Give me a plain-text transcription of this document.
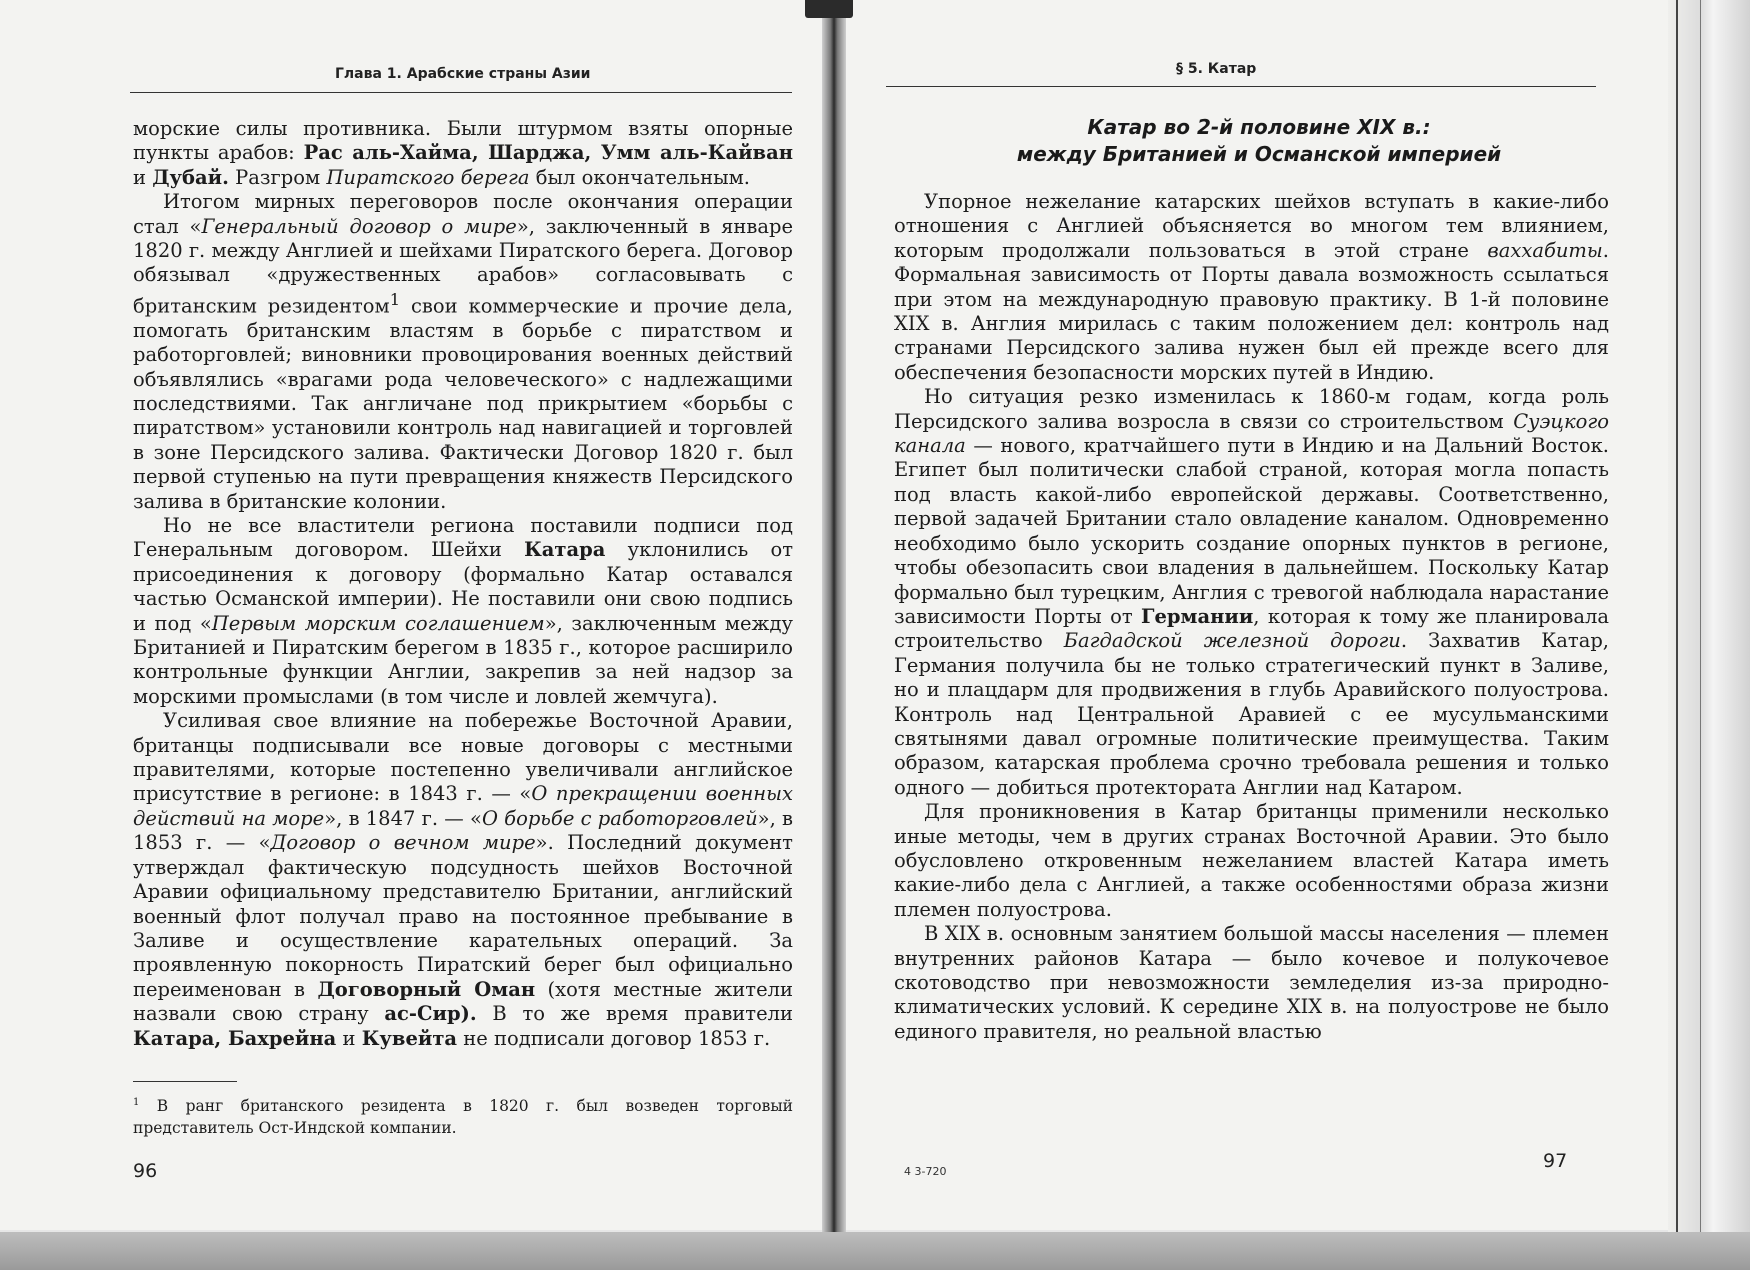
Глава 1. Арабские страны Азии

морские силы противника. Были штурмом взяты опорные пункты арабов: Рас аль-Хайма, Шарджа, Умм аль-Кайван и Дубай. Разгром Пиратского берега был окончательным.

Итогом мирных переговоров после окончания операции стал «Генеральный договор о мире», заключенный в январе 1820 г. между Англией и шейхами Пиратского берега. Договор обязывал «дружественных арабов» согласовывать с британским резидентом$^1$ свои коммерческие и прочие дела, помогать британским властям в борьбе с пиратством и работорговлей; виновники провоцирования военных действий объявлялись «врагами рода человеческого» с надлежащими последствиями. Так англичане под прикрытием «борьбы с пиратством» установили контроль над навигацией и торговлей в зоне Персидского залива. Фактически Договор 1820 г. был первой ступенью на пути превращения княжеств Персидского залива в британские колонии.

Но не все властители региона поставили подписи под Генеральным договором. Шейхи Катара уклонились от присоединения к договору (формально Катар оставался частью Османской империи). Не поставили они свою подпись и под «Первым морским соглашением», заключенным между Британией и Пиратским берегом в 1835 г., которое расширило контрольные функции Англии, закрепив за ней надзор за морскими промыслами (в том числе и ловлей жемчуга).

Усиливая свое влияние на побережье Восточной Аравии, британцы подписывали все новые договоры с местными правителями, которые постепенно увеличивали английское присутствие в регионе: в 1843 г. — «О прекращении военных действий на море», в 1847 г. — «О борьбе с работорговлей», в 1853 г. — «Договор о вечном мире». Последний документ утверждал фактическую подсудность шейхов Восточной Аравии официальному представителю Британии, английский военный флот получал право на постоянное пребывание в Заливе и осуществление карательных операций. За проявленную покорность Пиратский берег был официально переименован в Договорный Оман (хотя местные жители назвали свою страну ас-Сир). В то же время правители Катара, Бахрейна и Кувейта не подписали договор 1853 г.

$^1$ В ранг британского резидента в 1820 г. был возведен торговый представитель Ост-Индской компании.
96
§ 5. Катар
Катар во 2-й половине XIX в.:
между Британией и Османской империей

Упорное нежелание катарских шейхов вступать в какие-либо отношения с Англией объясняется во многом тем влиянием, которым продолжали пользоваться в этой стране ваххабиты. Формальная зависимость от Порты давала возможность ссылаться при этом на международную правовую практику. В 1-й половине XIX в. Англия мирилась с таким положением дел: контроль над странами Персидского залива нужен был ей прежде всего для обеспечения безопасности морских путей в Индию.

Но ситуация резко изменилась к 1860-м годам, когда роль Персидского залива возросла в связи со строительством Суэцкого канала — нового, кратчайшего пути в Индию и на Дальний Восток. Египет был политически слабой страной, которая могла попасть под власть какой-либо европейской державы. Соответственно, первой задачей Британии стало овладение каналом. Одновременно необходимо было ускорить создание опорных пунктов в регионе, чтобы обезопасить свои владения в дальнейшем. Поскольку Катар формально был турецким, Англия с тревогой наблюдала нарастание зависимости Порты от Германии, которая к тому же планировала строительство Багдадской железной дороги. Захватив Катар, Германия получила бы не только стратегический пункт в Заливе, но и плацдарм для продвижения в глубь Аравийского полуострова. Контроль над Центральной Аравией с ее мусульманскими святынями давал огромные политические преимущества. Таким образом, катарская проблема срочно требовала решения и только одного — добиться протектората Англии над Катаром.

Для проникновения в Катар британцы применили несколько иные методы, чем в других странах Восточной Аравии. Это было обусловлено откровенным нежеланием властей Катара иметь какие-либо дела с Англией, а также особенностями образа жизни племен полуострова.

В XIX в. основным занятием большой массы населения — племен внутренних районов Катара — было кочевое и полукочевое скотоводство при невозможности земледелия из-за природно-климатических условий. К середине XIX в. на полуострове не было единого правителя, но реальной властью

4 3-720	97
